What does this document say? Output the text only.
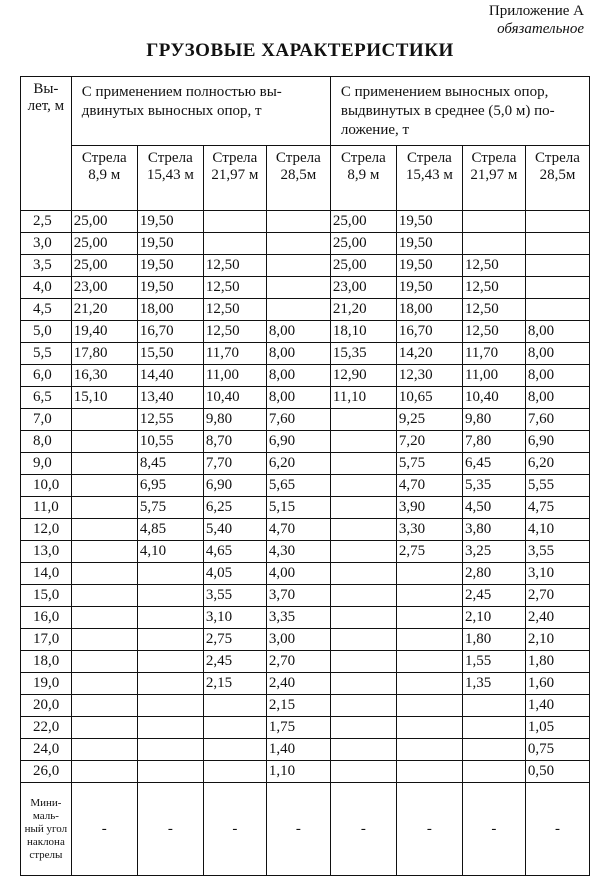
Приложение А
обязательное
ГРУЗОВЫЕ ХАРАКТЕРИСТИКИ
Вы- лет, м	С применением полностью вы- двинутых выносных опор, т				С применением выносных опор, выдвинутых в среднее (5,0 м) по- ложение, т			
	Стрела 8,9 м	Стрела 15,43 м	Стрела 21,97 м	Стрела 28,5м	Стрела 8,9 м	Стрела 15,43 м	Стрела 21,97 м	Стрела 28,5м
2,5	25,00	19,50			25,00	19,50		
3,0	25,00	19,50			25,00	19,50		
3,5	25,00	19,50	12,50		25,00	19,50	12,50	
4,0	23,00	19,50	12,50		23,00	19,50	12,50	
4,5	21,20	18,00	12,50		21,20	18,00	12,50	
5,0	19,40	16,70	12,50	8,00	18,10	16,70	12,50	8,00
5,5	17,80	15,50	11,70	8,00	15,35	14,20	11,70	8,00
6,0	16,30	14,40	11,00	8,00	12,90	12,30	11,00	8,00
6,5	15,10	13,40	10,40	8,00	11,10	10,65	10,40	8,00
7,0		12,55	9,80	7,60		9,25	9,80	7,60
8,0		10,55	8,70	6,90		7,20	7,80	6,90
9,0		8,45	7,70	6,20		5,75	6,45	6,20
10,0		6,95	6,90	5,65		4,70	5,35	5,55
11,0		5,75	6,25	5,15		3,90	4,50	4,75
12,0		4,85	5,40	4,70		3,30	3,80	4,10
13,0		4,10	4,65	4,30		2,75	3,25	3,55
14,0			4,05	4,00			2,80	3,10
15,0			3,55	3,70			2,45	2,70
16,0			3,10	3,35			2,10	2,40
17,0			2,75	3,00			1,80	2,10
18,0			2,45	2,70			1,55	1,80
19,0			2,15	2,40			1,35	1,60
20,0				2,15				1,40
22,0				1,75				1,05
24,0				1,40				0,75
26,0				1,10				0,50
Мини- маль- ный угол наклона стрелы	-	-	-	-	-	-	-	-
